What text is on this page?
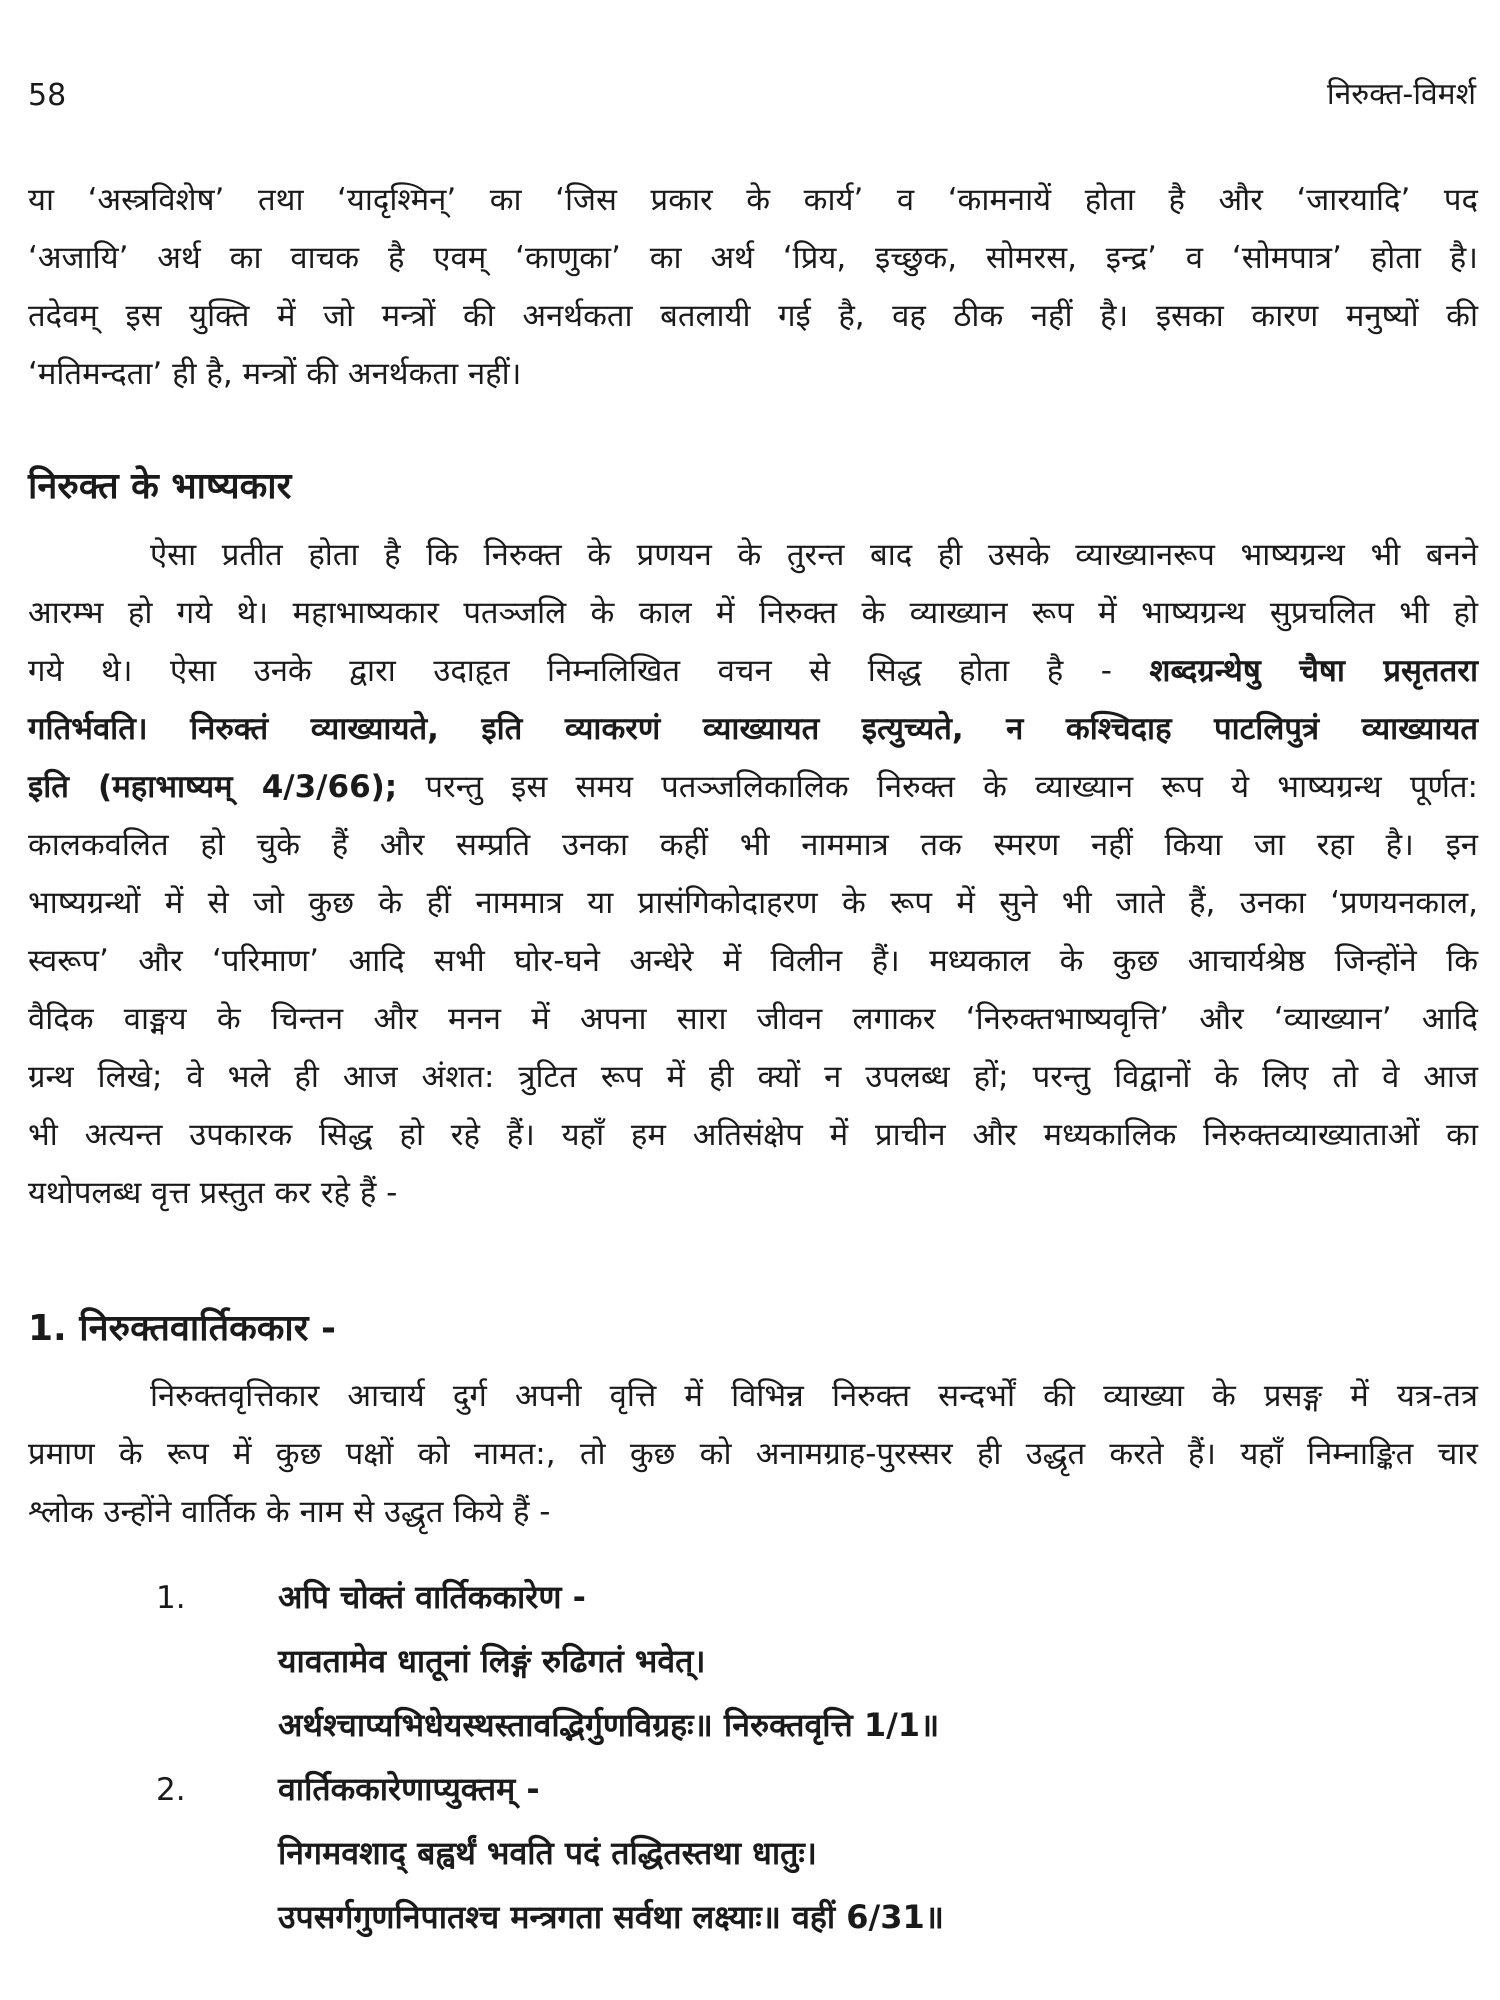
58	निरुक्त-विमर्श
या ‘अस्त्रविशेष’ तथा ‘यादृश्मिन्’ का ‘जिस प्रकार के कार्य’ व ‘कामनायें होता है और ‘जारयादि’ पद
‘अजायि’ अर्थ का वाचक है एवम् ‘काणुका’ का अर्थ ‘प्रिय, इच्छुक, सोमरस, इन्द्र’ व ‘सोमपात्र’ होता है।
तदेवम् इस युक्ति में जो मन्त्रों की अनर्थकता बतलायी गई है, वह ठीक नहीं है। इसका कारण मनुष्यों की
‘मतिमन्दता’ ही है, मन्त्रों की अनर्थकता नहीं।
निरुक्त के भाष्यकार
ऐसा प्रतीत होता है कि निरुक्त के प्रणयन के तुरन्त बाद ही उसके व्याख्यानरूप भाष्यग्रन्थ भी बनने
आरम्भ हो गये थे। महाभाष्यकार पतञ्जलि के काल में निरुक्त के व्याख्यान रूप में भाष्यग्रन्थ सुप्रचलित भी हो
गये थे। ऐसा उनके द्वारा उदाहृत निम्नलिखित वचन से सिद्ध होता है - शब्दग्रन्थेषु चैषा प्रसृततरा
गतिर्भवति। निरुक्तं व्याख्यायते, इति व्याकरणं व्याख्यायत इत्युच्यते, न कश्चिदाह पाटलिपुत्रं व्याख्यायत
इति (महाभाष्यम् 4/3/66); परन्तु इस समय पतञ्जलिकालिक निरुक्त के व्याख्यान रूप ये भाष्यग्रन्थ पूर्णत:
कालकवलित हो चुके हैं और सम्प्रति उनका कहीं भी नाममात्र तक स्मरण नहीं किया जा रहा है। इन
भाष्यग्रन्थों में से जो कुछ के हीं नाममात्र या प्रासंगिकोदाहरण के रूप में सुने भी जाते हैं, उनका ‘प्रणयनकाल,
स्वरूप’ और ‘परिमाण’ आदि सभी घोर-घने अन्धेरे में विलीन हैं। मध्यकाल के कुछ आचार्यश्रेष्ठ जिन्होंने कि
वैदिक वाङ्मय के चिन्तन और मनन में अपना सारा जीवन लगाकर ‘निरुक्तभाष्यवृत्ति’ और ‘व्याख्यान’ आदि
ग्रन्थ लिखे; वे भले ही आज अंशत: त्रुटित रूप में ही क्यों न उपलब्ध हों; परन्तु विद्वानों के लिए तो वे आज
भी अत्यन्त उपकारक सिद्ध हो रहे हैं। यहाँ हम अतिसंक्षेप में प्राचीन और मध्यकालिक निरुक्तव्याख्याताओं का
यथोपलब्ध वृत्त प्रस्तुत कर रहे हैं -
1. निरुक्तवार्तिककार -
निरुक्तवृत्तिकार आचार्य दुर्ग अपनी वृत्ति में विभिन्न निरुक्त सन्दर्भों की व्याख्या के प्रसङ्ग में यत्र-तत्र
प्रमाण के रूप में कुछ पक्षों को नामत:, तो कुछ को अनामग्राह-पुरस्सर ही उद्धृत करते हैं। यहाँ निम्नाङ्कित चार
श्लोक उन्होंने वार्तिक के नाम से उद्धृत किये हैं -
1.	अपि चोक्तं वार्तिककारेण -
यावतामेव धातूनां लिङ्गं रुढिगतं भवेत्।
अर्थश्चाप्यभिधेयस्थस्तावद्भिर्गुणविग्रहः॥ निरुक्तवृत्ति 1/1॥
2.	वार्तिककारेणाप्युक्तम् -
निगमवशाद् बह्वर्थं भवति पदं तद्धितस्तथा धातुः।
उपसर्गगुणनिपातश्च मन्त्रगता सर्वथा लक्ष्याः॥ वहीं 6/31॥
